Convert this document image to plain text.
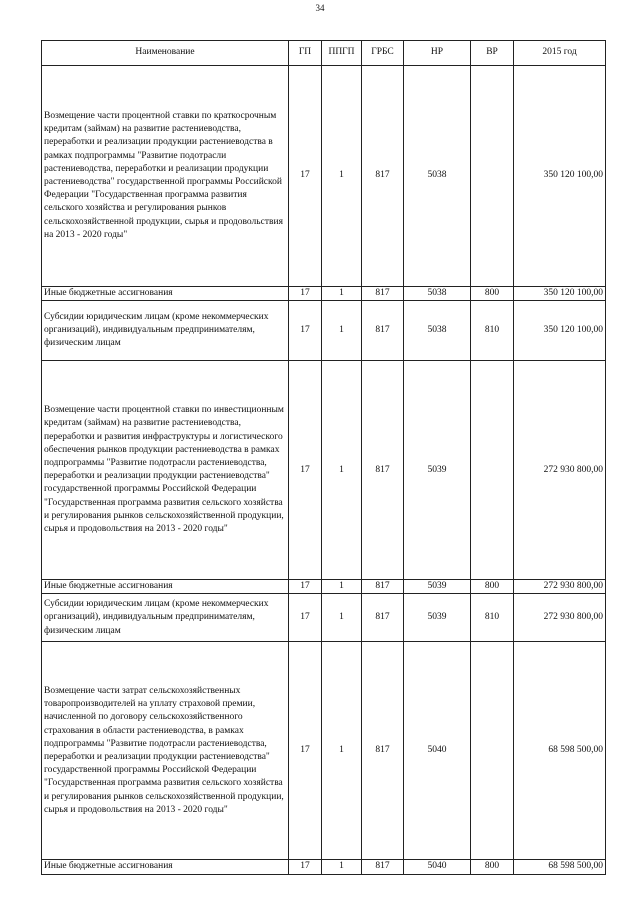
34
Наименование	ГП	ППГП	ГРБС	НР	ВР	2015 год
Возмещение части процентной ставки по краткосрочным кредитам (займам) на развитие растениеводства, переработки и реализации продукции растениеводства в рамках подпрограммы "Развитие подотрасли растениеводства, переработки и реализации продукции растениеводства" государственной программы Российской Федерации "Государственная программа развития сельского хозяйства и регулирования рынков сельскохозяйственной продукции, сырья и продовольствия на 2013 - 2020 годы"	17	1	817	5038		350 120 100,00
Иные бюджетные ассигнования	17	1	817	5038	800	350 120 100,00
Субсидии юридическим лицам (кроме некоммерческих организаций), индивидуальным предпринимателям, физическим лицам	17	1	817	5038	810	350 120 100,00
Возмещение части процентной ставки по инвестиционным кредитам (займам) на развитие растениеводства, переработки и развития инфраструктуры и логистического обеспечения рынков продукции растениеводства в рамках подпрограммы "Развитие подотрасли растениеводства, переработки и реализации продукции растениеводства" государственной программы Российской Федерации "Государственная программа развития сельского хозяйства и регулирования рынков сельскохозяйственной продукции, сырья и продовольствия на 2013 - 2020 годы"	17	1	817	5039		272 930 800,00
Иные бюджетные ассигнования	17	1	817	5039	800	272 930 800,00
Субсидии юридическим лицам (кроме некоммерческих организаций), индивидуальным предпринимателям, физическим лицам	17	1	817	5039	810	272 930 800,00
Возмещение части затрат сельскохозяйственных товаропроизводителей на уплату страховой премии, начисленной по договору сельскохозяйственного страхования в области растениеводства, в рамках подпрограммы "Развитие подотрасли растениеводства, переработки и реализации продукции растениеводства" государственной программы Российской Федерации "Государственная программа развития сельского хозяйства и регулирования рынков сельскохозяйственной продукции, сырья и продовольствия на 2013 - 2020 годы"	17	1	817	5040		68 598 500,00
Иные бюджетные ассигнования	17	1	817	5040	800	68 598 500,00
